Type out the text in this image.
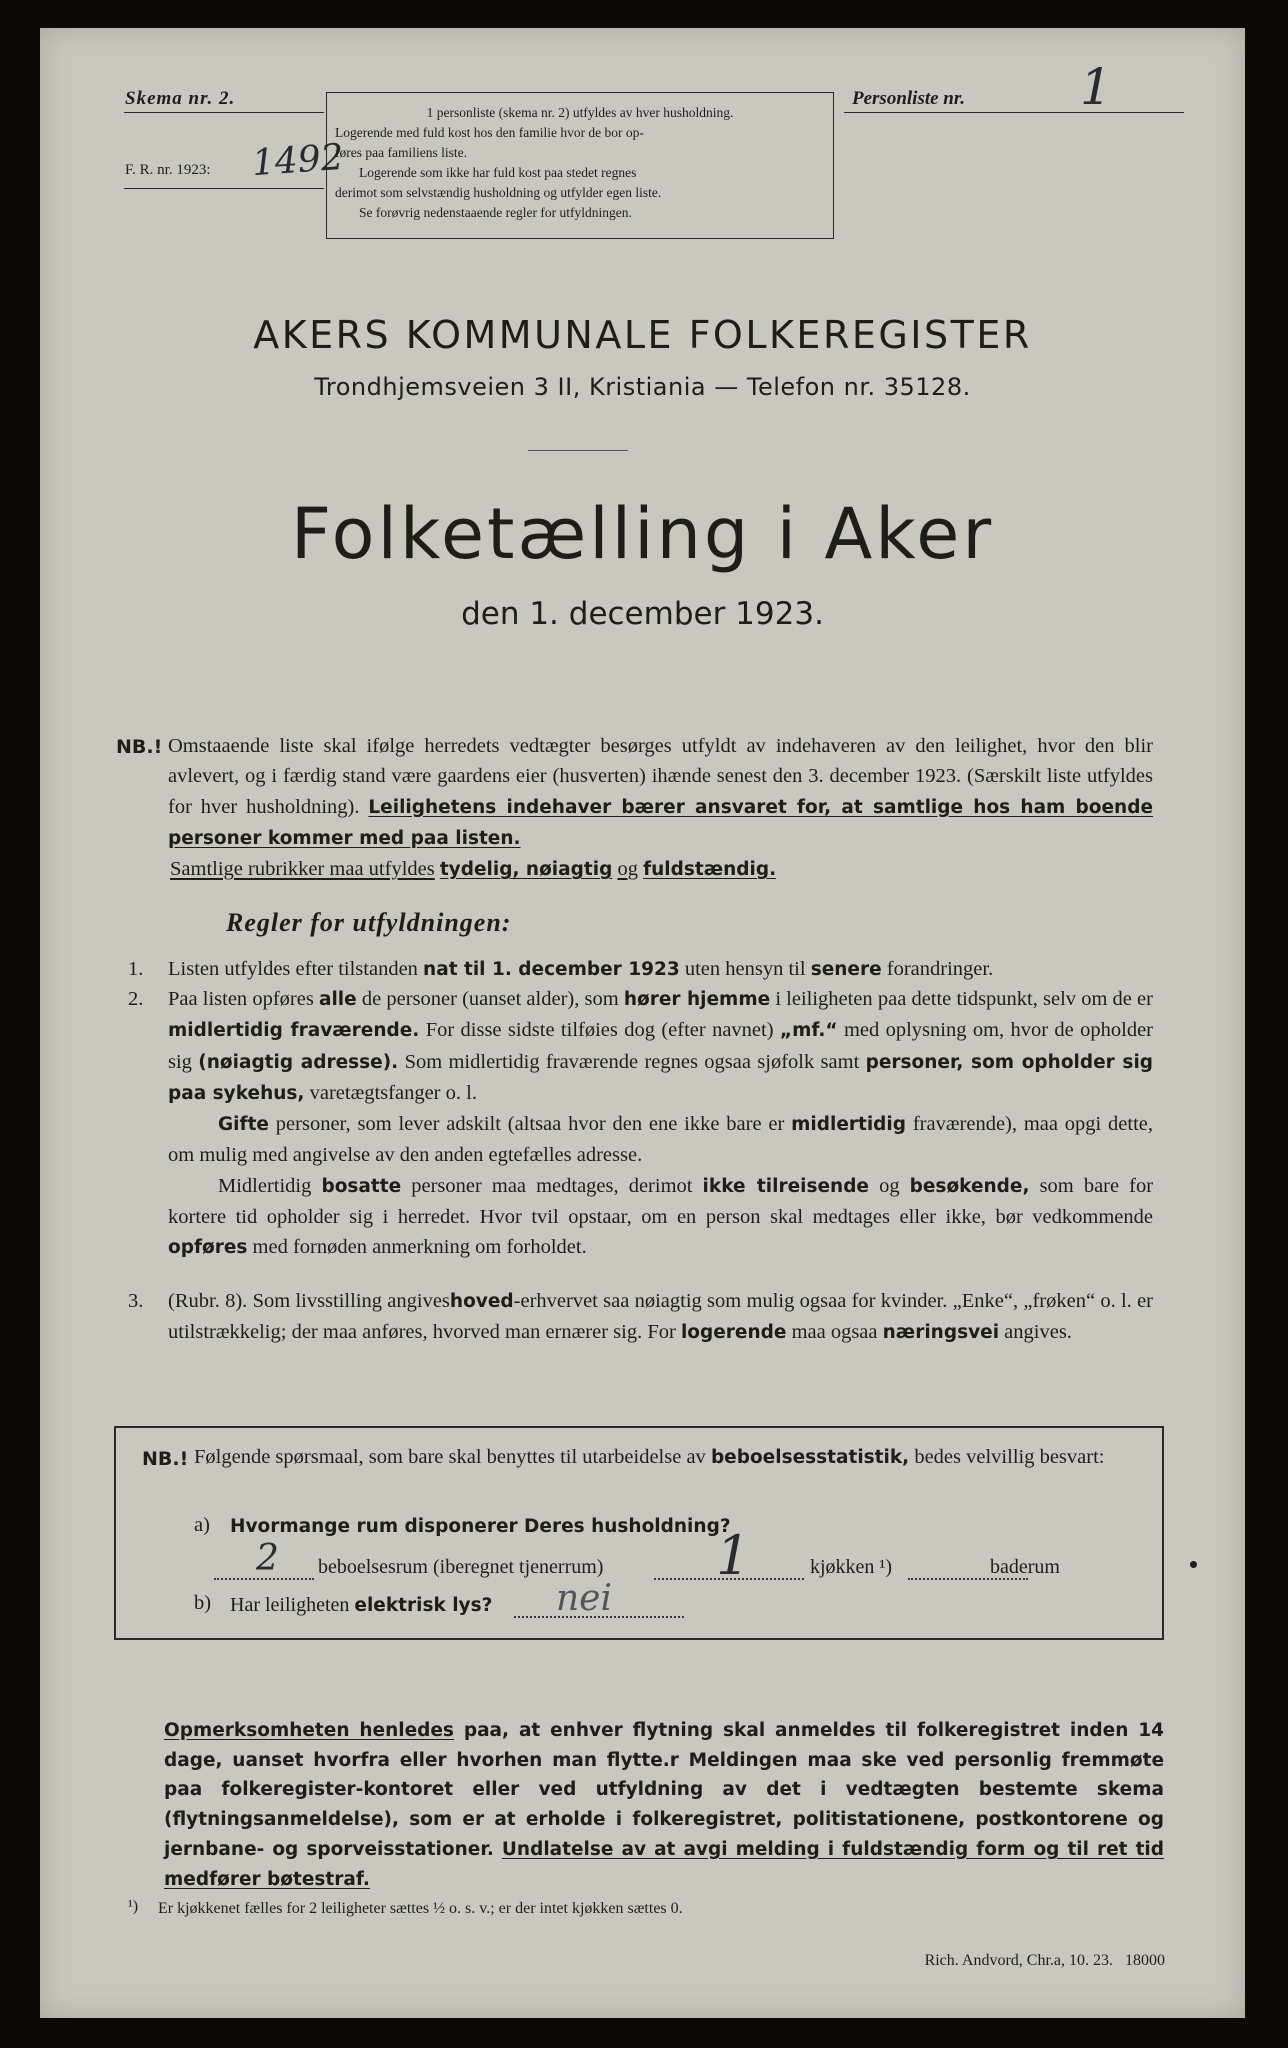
Skema nr. 2.
F. R. nr. 1923: 1492
1 personliste (skema nr. 2) utfyldes av hver husholdning.
Logerende med fuld kost hos den familie hvor de bor op-
føres paa familiens liste.
Logerende som ikke har fuld kost paa stedet regnes
derimot som selvstændig husholdning og utfylder egen liste.
Se forøvrig nedenstaaende regler for utfyldningen.
Personliste nr. 1
AKERS KOMMUNALE FOLKEREGISTER
Trondhjemsveien 3 II, Kristiania — Telefon nr. 35128.
Folketælling i Aker
den 1. december 1923.
NB.! Omstaaende liste skal ifølge herredets vedtægter besørges utfyldt av indehaveren av den leilighet, hvor den blir avlevert, og i færdig stand være gaardens eier (husverten) ihænde senest den 3. december 1923. (Særskilt liste utfyldes for hver husholdning). Leilighetens indehaver bærer ansvaret for, at samtlige hos ham boende personer kommer med paa listen.
Samtlige rubrikker maa utfyldes tydelig, nøiagtig og fuldstændig.
Regler for utfyldningen:
1.	Listen utfyldes efter tilstanden nat til 1. december 1923 uten hensyn til senere forandringer.
2.	Paa listen opføres alle de personer (uanset alder), som hører hjemme i leiligheten paa dette tidspunkt, selv om de er midlertidig fraværende. For disse sidste tilføies dog (efter navnet) „mf.“ med oplysning om, hvor de opholder sig (nøiagtig adresse). Som midlertidig fraværende regnes ogsaa sjøfolk samt personer, som opholder sig paa sykehus, varetægtsfanger o. l.

Gifte personer, som lever adskilt (altsaa hvor den ene ikke bare er midlertidig fraværende), maa opgi dette, om mulig med angivelse av den anden egtefælles adresse.

Midlertidig bosatte personer maa medtages, derimot ikke tilreisende og besøkende, som bare for kortere tid opholder sig i herredet. Hvor tvil opstaar, om en person skal medtages eller ikke, bør vedkommende opføres med fornøden anmerkning om forholdet.

3.	(Rubr. 8). Som livsstilling angiveshoved-erhvervet saa nøiagtig som mulig ogsaa for kvinder. „Enke“, „frøken“ o. l. er utilstrækkelig; der maa anføres, hvorved man ernærer sig. For logerende maa ogsaa næringsvei angives.
NB.! Følgende spørsmaal, som bare skal benyttes til utarbeidelse av beboelsesstatistik, bedes velvillig besvart:
a) Hvormange rum disponerer Deres husholdning?
2 beboelsesrum (iberegnet tjenerrum) 1	kjøkken ¹)	baderum
b) Har leiligheten elektrisk lys? nei
Opmerksomheten henledes paa, at enhver flytning skal anmeldes til folkeregistret inden 14 dage, uanset hvorfra eller hvorhen man flytte.r Meldingen maa ske ved personlig fremmøte paa folkeregister-kontoret eller ved utfyldning av det i vedtægten bestemte skema (flytningsanmeldelse), som er at erholde i folkeregistret, politistationene, postkontorene og jernbane- og sporveisstationer. Undlatelse av at avgi melding i fuldstændig form og til ret tid medfører bøtestraf.
¹) Er kjøkkenet fælles for 2 leiligheter sættes ½ o. s. v.; er der intet kjøkken sættes 0.
Rich. Andvord, Chr.a, 10. 23.   18000
